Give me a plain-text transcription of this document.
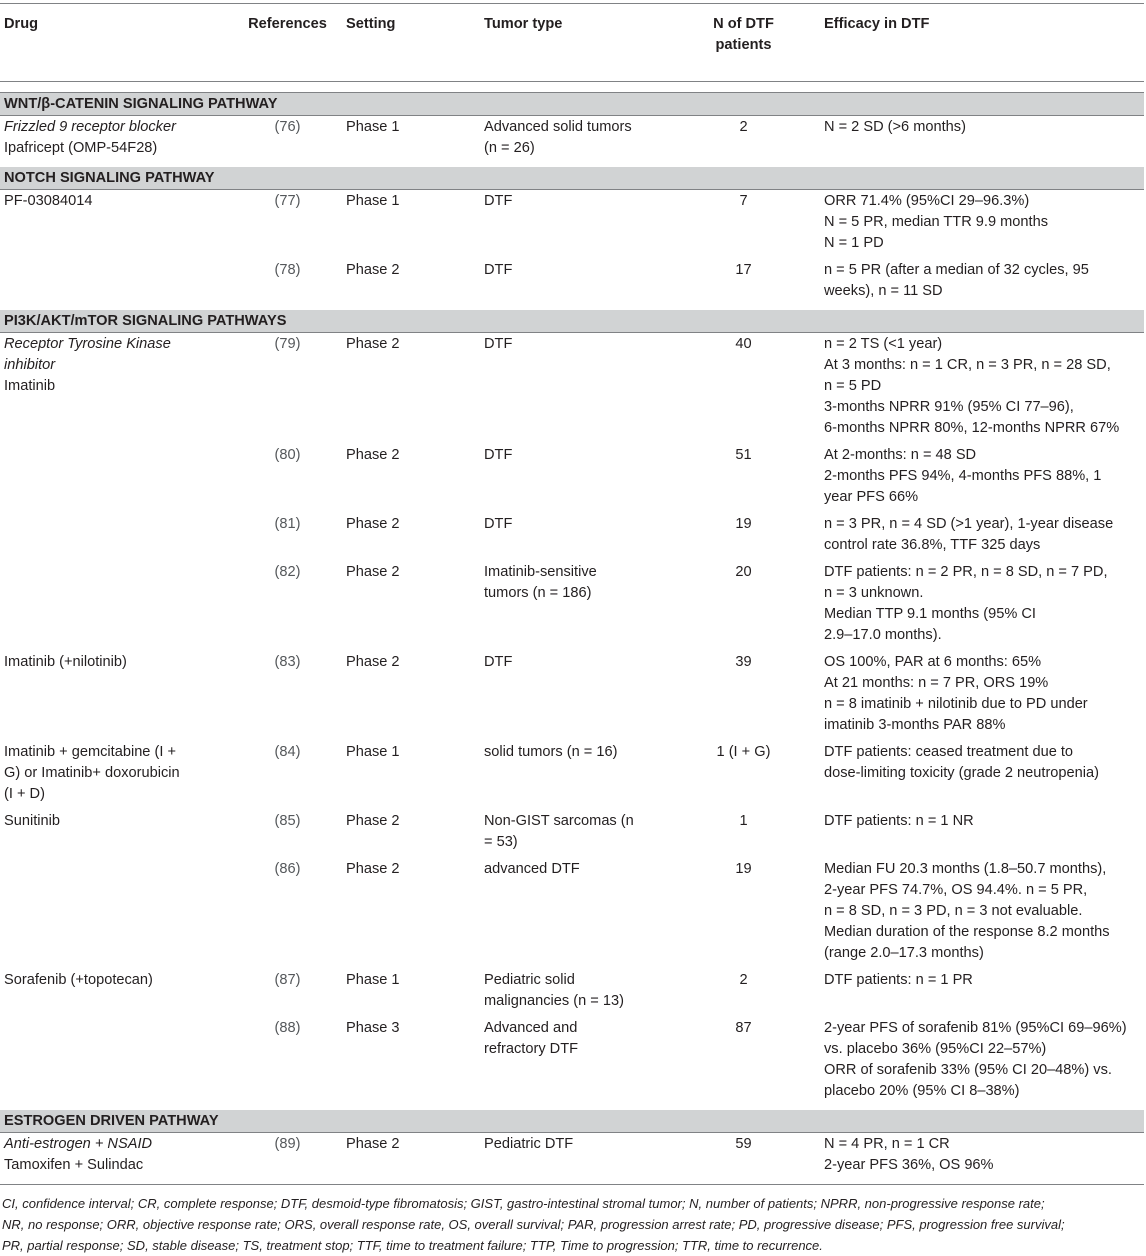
Drug	References	Setting	Tumor type	N of DTF patients	Efficacy in DTF

WNT/β-CATENIN SIGNALING PATHWAY					

Frizzled 9 receptor blocker
Ipafricept (OMP-54F28)	(76)	Phase 1	Advanced solid tumors
(n = 26)	2	N = 2 SD (>6 months)

NOTCH SIGNALING PATHWAY					

PF-03084014	(77)	Phase 1	DTF	7	ORR 71.4% (95%CI 29–96.3%)
N = 5 PR, median TTR 9.9 months
N = 1 PD

	(78)	Phase 2	DTF	17	n = 5 PR (after a median of 32 cycles, 95
weeks), n = 11 SD

PI3K/AKT/mTOR SIGNALING PATHWAYS					

Receptor Tyrosine Kinase
inhibitor
Imatinib	(79)	Phase 2	DTF	40	n = 2 TS (<1 year)
At 3 months: n = 1 CR, n = 3 PR, n = 28 SD,
n = 5 PD
3-months NPRR 91% (95% CI 77–96),
6-months NPRR 80%, 12-months NPRR 67%

	(80)	Phase 2	DTF	51	At 2-months: n = 48 SD
2-months PFS 94%, 4-months PFS 88%, 1
year PFS 66%

	(81)	Phase 2	DTF	19	n = 3 PR, n = 4 SD (>1 year), 1-year disease
control rate 36.8%, TTF 325 days

	(82)	Phase 2	Imatinib-sensitive
tumors (n = 186)	20	DTF patients: n = 2 PR, n = 8 SD, n = 7 PD,
n = 3 unknown.
Median TTP 9.1 months (95% CI
2.9–17.0 months).

Imatinib (+nilotinib)	(83)	Phase 2	DTF	39	OS 100%, PAR at 6 months: 65%
At 21 months: n = 7 PR, ORS 19%
n = 8 imatinib + nilotinib due to PD under
imatinib 3-months PAR 88%

Imatinib + gemcitabine (I +
G) or Imatinib+ doxorubicin
(I + D)	(84)	Phase 1	solid tumors (n = 16)	1 (I + G)	DTF patients: ceased treatment due to
dose-limiting toxicity (grade 2 neutropenia)

Sunitinib	(85)	Phase 2	Non-GIST sarcomas (n
= 53)	1	DTF patients: n = 1 NR

	(86)	Phase 2	advanced DTF	19	Median FU 20.3 months (1.8–50.7 months),
2-year PFS 74.7%, OS 94.4%. n = 5 PR,
n = 8 SD, n = 3 PD, n = 3 not evaluable.
Median duration of the response 8.2 months
(range 2.0–17.3 months)

Sorafenib (+topotecan)	(87)	Phase 1	Pediatric solid
malignancies (n = 13)	2	DTF patients: n = 1 PR

	(88)	Phase 3	Advanced and
refractory DTF	87	2-year PFS of sorafenib 81% (95%CI 69–96%)
vs. placebo 36% (95%CI 22–57%)
ORR of sorafenib 33% (95% CI 20–48%) vs.
placebo 20% (95% CI 8–38%)

ESTROGEN DRIVEN PATHWAY					

Anti-estrogen + NSAID
Tamoxifen + Sulindac	(89)	Phase 2	Pediatric DTF	59	N = 4 PR, n = 1 CR
2-year PFS 36%, OS 96%

CI, confidence interval; CR, complete response; DTF, desmoid-type fibromatosis; GIST, gastro-intestinal stromal tumor; N, number of patients; NPRR, non-progressive response rate;
NR, no response; ORR, objective response rate; ORS, overall response rate, OS, overall survival; PAR, progression arrest rate; PD, progressive disease; PFS, progression free survival;
PR, partial response; SD, stable disease; TS, treatment stop; TTF, time to treatment failure; TTP, Time to progression; TTR, time to recurrence.					
